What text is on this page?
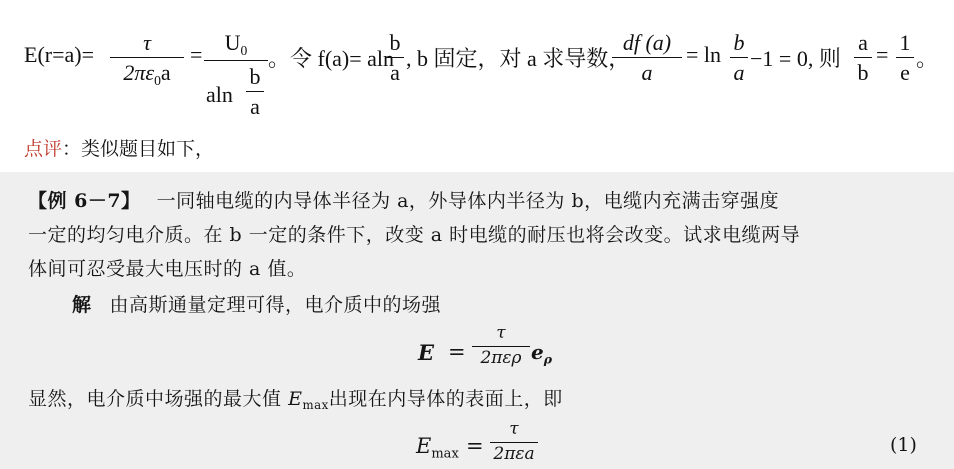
E(r=a)=	τ
$2\pi\varepsilon_0a$
=	$U_0$
aln
b
a
。令 f(a)= aln
b
a
, b 固定，对 a 求导数，
df (a)
a
= ln b
a
−1 = 0, 则
a
b
= 1
e
。
点评：类似题目如下，
【例 6－7】 一同轴电缆的内导体半径为 a，外导体内半径为 b，电缆内充满击穿强度
一定的均匀电介质。在 b 一定的条件下，改变 a 时电缆的耐压也将会改变。试求电缆两导
体间可忍受最大电压时的 a 值。
解 由高斯通量定理可得，电介质中的场强
E =
τ
2περ $e_\rho$
显然，电介质中场强的最大值 $E_{max}$出现在内导体的表面上，即
$E_{max}$ =
τ
2πεa	(1)
